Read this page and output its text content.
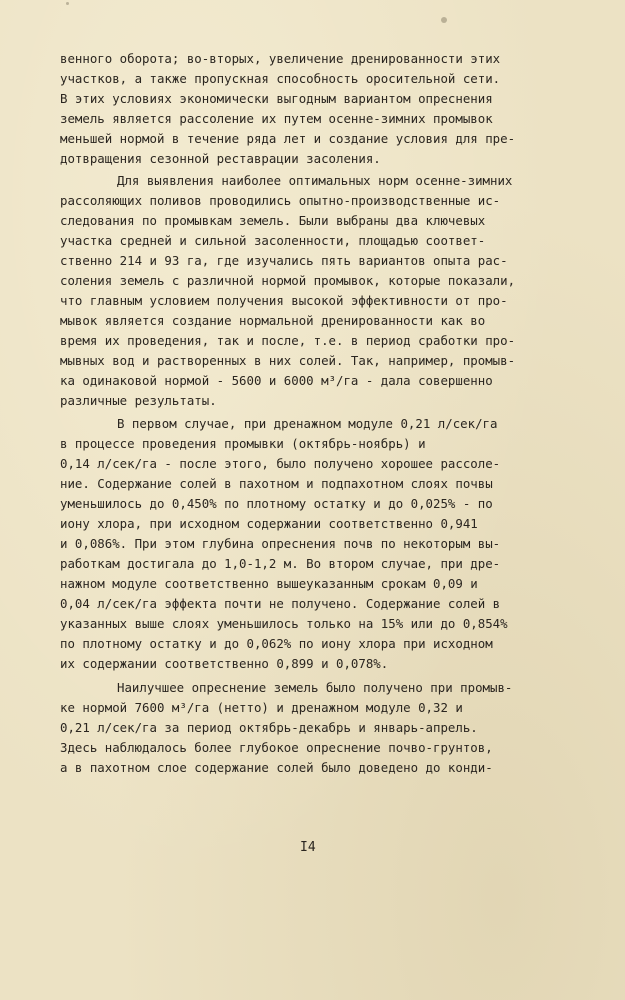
венного оборота; во-вторых, увеличение дренированности этих
участков, а также пропускная способность оросительной сети.
В этих условиях экономически выгодным вариантом опреснения
земель является рассоление их путем осенне-зимних промывок
меньшей нормой в течение ряда лет и создание условия для пре-
дотвращения сезонной реставрации засоления.
Для выявления наиболее оптимальных норм осенне-зимних
рассоляющих поливов проводились опытно-производственные ис-
следования по промывкам земель. Были выбраны два ключевых
участка средней и сильной засоленности, площадью соответ-
ственно 214 и 93 га, где изучались пять вариантов опыта рас-
соления земель с различной нормой промывок, которые показали,
что главным условием получения высокой эффективности от про-
мывок является создание нормальной дренированности как во
время их проведения, так и после, т.е. в период сработки про-
мывных вод и растворенных в них солей. Так, например, промыв-
ка одинаковой нормой - 5600 и 6000 м³/га - дала совершенно
различные результаты.
В первом случае, при дренажном модуле 0,21 л/сек/га
в процессе проведения промывки (октябрь-ноябрь) и
0,14 л/сек/га - после этого, было получено хорошее рассоле-
ние. Содержание солей в пахотном и подпахотном слоях почвы
уменьшилось до 0,450% по плотному остатку и до 0,025% - по
иону хлора, при исходном содержании соответственно 0,941
и 0,086%. При этом глубина опреснения почв по некоторым вы-
работкам достигала до 1,0-1,2 м. Во втором случае, при дре-
нажном модуле соответственно вышеуказанным срокам 0,09 и
0,04 л/сек/га эффекта почти не получено. Содержание солей в
указанных выше слоях уменьшилось только на 15% или до 0,854%
по плотному остатку и до 0,062% по иону хлора при исходном
их содержании соответственно 0,899 и 0,078%.
Наилучшее опреснение земель было получено при промыв-
ке нормой 7600 м³/га (нетто) и дренажном модуле 0,32 и
0,21 л/сек/га за период октябрь-декабрь и январь-апрель.
Здесь наблюдалось более глубокое опреснение почво-грунтов,
а в пахотном слое содержание солей было доведено до конди-
I4
